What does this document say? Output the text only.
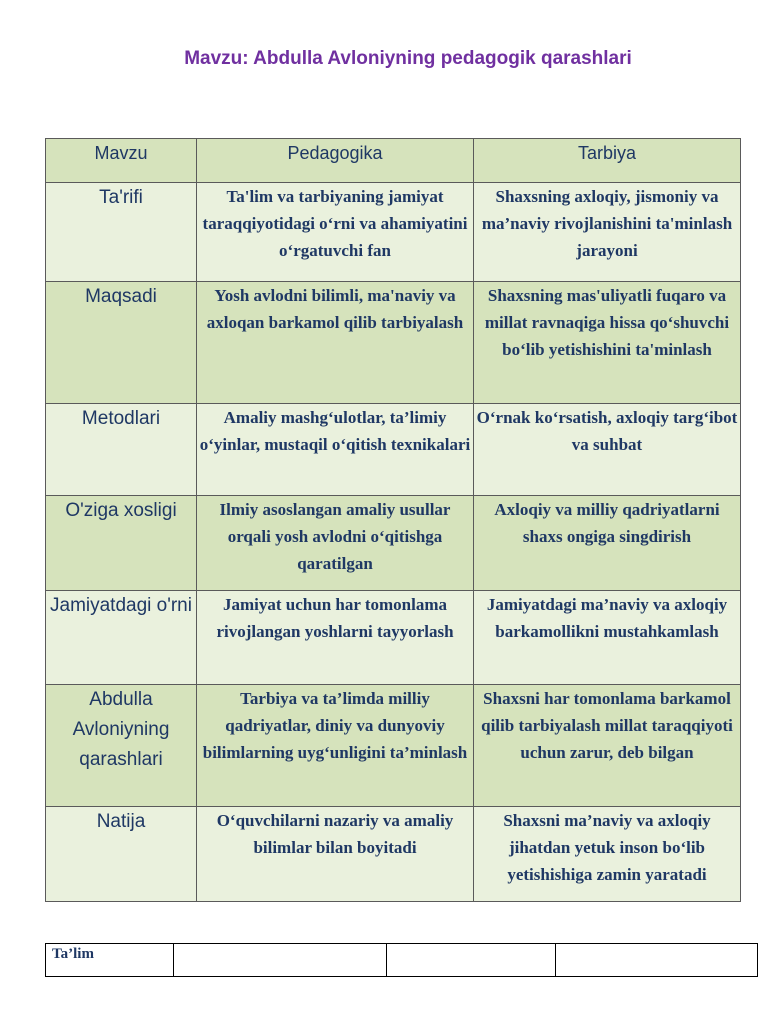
Mavzu: Abdulla Avloniyning pedagogik qarashlari
Mavzu	Pedagogika	Tarbiya
Ta'rifi	Ta'lim va tarbiyaning jamiyat taraqqiyotidagi o‘rni va ahamiyatini o‘rgatuvchi fan	Shaxsning axloqiy, jismoniy va ma’naviy rivojlanishini ta'minlash jarayoni
Maqsadi	Yosh avlodni bilimli, ma'naviy va axloqan barkamol qilib tarbiyalash	Shaxsning mas'uliyatli fuqaro va millat ravnaqiga hissa qo‘shuvchi bo‘lib yetishishini ta'minlash
Metodlari	Amaliy mashg‘ulotlar, ta’limiy o‘yinlar, mustaqil o‘qitish texnikalari	O‘rnak ko‘rsatish, axloqiy targ‘ibot va suhbat
O'ziga xosligi	Ilmiy asoslangan amaliy usullar orqali yosh avlodni o‘qitishga qaratilgan	Axloqiy va milliy qadriyatlarni shaxs ongiga singdirish
Jamiyatdagi o'rni	Jamiyat uchun har tomonlama rivojlangan yoshlarni tayyorlash	Jamiyatdagi ma’naviy va axloqiy barkamollikni mustahkamlash
Abdulla Avloniyning qarashlari	Tarbiya va ta’limda milliy qadriyatlar, diniy va dunyoviy bilimlarning uyg‘unligini ta’minlash	Shaxsni har tomonlama barkamol qilib tarbiyalash millat taraqqiyoti uchun zarur, deb bilgan
Natija	O‘quvchilarni nazariy va amaliy bilimlar bilan boyitadi	Shaxsni ma’naviy va axloqiy jihatdan yetuk inson bo‘lib yetishishiga zamin yaratadi
Ta’lim			
